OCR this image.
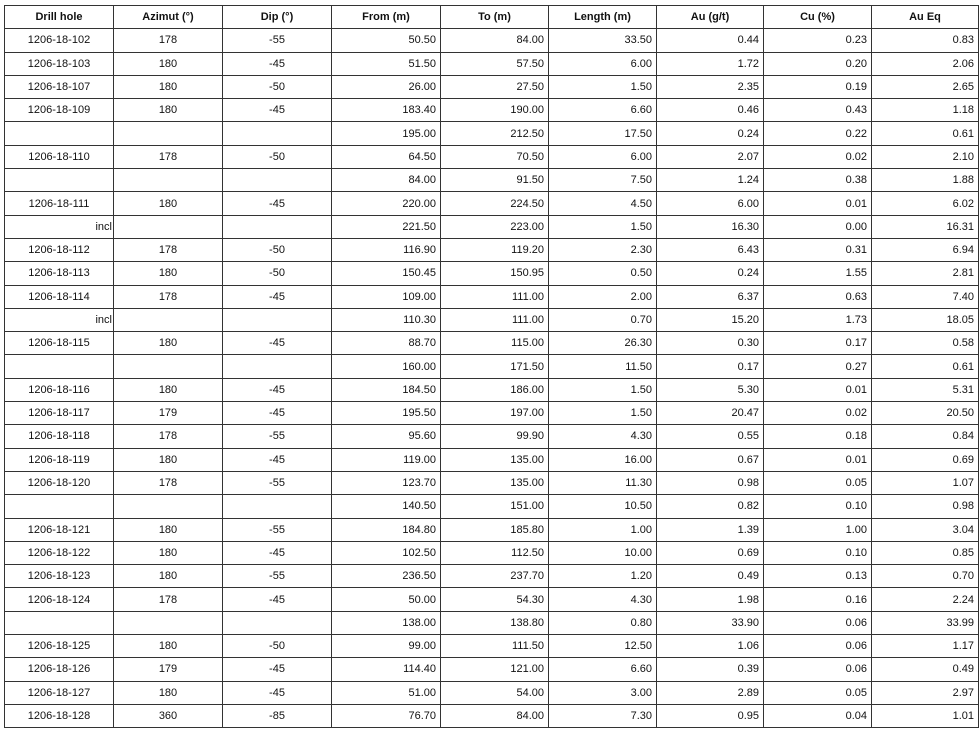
Drill hole	Azimut (°)	Dip (°)	From (m)	To (m)	Length (m)	Au (g/t)	Cu (%)	Au Eq
1206-18-102	178	-55	50.50	84.00	33.50	0.44	0.23	0.83
1206-18-103	180	-45	51.50	57.50	6.00	1.72	0.20	2.06
1206-18-107	180	-50	26.00	27.50	1.50	2.35	0.19	2.65
1206-18-109	180	-45	183.40	190.00	6.60	0.46	0.43	1.18
			195.00	212.50	17.50	0.24	0.22	0.61
1206-18-110	178	-50	64.50	70.50	6.00	2.07	0.02	2.10
			84.00	91.50	7.50	1.24	0.38	1.88
1206-18-111	180	-45	220.00	224.50	4.50	6.00	0.01	6.02
incl			221.50	223.00	1.50	16.30	0.00	16.31
1206-18-112	178	-50	116.90	119.20	2.30	6.43	0.31	6.94
1206-18-113	180	-50	150.45	150.95	0.50	0.24	1.55	2.81
1206-18-114	178	-45	109.00	111.00	2.00	6.37	0.63	7.40
incl			110.30	111.00	0.70	15.20	1.73	18.05
1206-18-115	180	-45	88.70	115.00	26.30	0.30	0.17	0.58
			160.00	171.50	11.50	0.17	0.27	0.61
1206-18-116	180	-45	184.50	186.00	1.50	5.30	0.01	5.31
1206-18-117	179	-45	195.50	197.00	1.50	20.47	0.02	20.50
1206-18-118	178	-55	95.60	99.90	4.30	0.55	0.18	0.84
1206-18-119	180	-45	119.00	135.00	16.00	0.67	0.01	0.69
1206-18-120	178	-55	123.70	135.00	11.30	0.98	0.05	1.07
			140.50	151.00	10.50	0.82	0.10	0.98
1206-18-121	180	-55	184.80	185.80	1.00	1.39	1.00	3.04
1206-18-122	180	-45	102.50	112.50	10.00	0.69	0.10	0.85
1206-18-123	180	-55	236.50	237.70	1.20	0.49	0.13	0.70
1206-18-124	178	-45	50.00	54.30	4.30	1.98	0.16	2.24
			138.00	138.80	0.80	33.90	0.06	33.99
1206-18-125	180	-50	99.00	111.50	12.50	1.06	0.06	1.17
1206-18-126	179	-45	114.40	121.00	6.60	0.39	0.06	0.49
1206-18-127	180	-45	51.00	54.00	3.00	2.89	0.05	2.97
1206-18-128	360	-85	76.70	84.00	7.30	0.95	0.04	1.01
